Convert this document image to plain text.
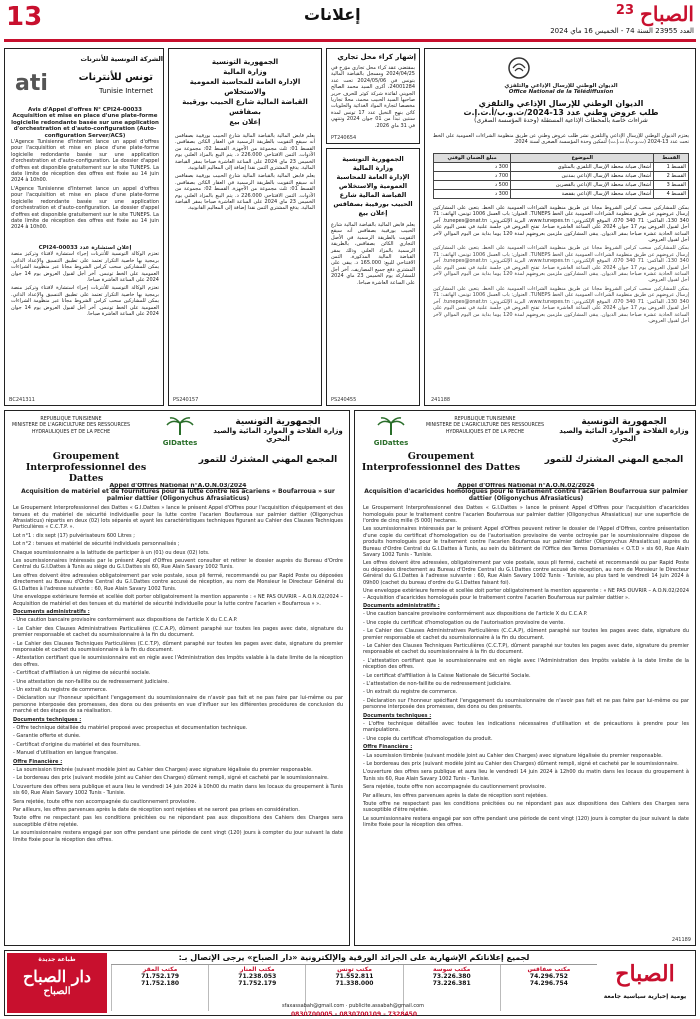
13	إعلانات	23 الصباح
العدد 23955 السنة 74 - الخميس 16 ماي 2024
الديوان الوطني للإرسال الإذاعي والتلفزي
Office National de la Télédiffusion
الديوان الوطني للإرسال الإذاعي والتلفزي
طلب عروض وطني عدد 13-2024/ت.و.ب/أ.ت.إ.ت
شراءات خاصة بالمحطات الإذاعية المستقلة (وحدة المؤسسة الصغرى)

يعتزم الديوان الوطني للإرسال الإذاعي والتلفزي نشر طلب عروض وطني عن طريق منظومة الشراءات العمومية على الخط تحت عدد 13-2024 (ت.و.ب/أ.ت.إ.ت) لتمكين وحدة المؤسسة الصغرى لسنة 2024.

القسط	الموضوع	مبلغ الضمان الوقتي
القسط 1	أشغال صيانة محطة الإرسال التلفزي بالمتلوي	300 د
القسط 2	أشغال صيانة محطة الإرسال الإذاعي بمدنين	700 د
القسط 3	أشغال صيانة محطة الإرسال الإذاعي بالقصرين	500 د
القسط 4	أشغال صيانة محطة الإرسال الإذاعي بقفصة	300 د

يمكن للمشاركين سحب كراس الشروط مجانا عن طريق منظومة الشراءات العمومية على الخط. يتعين على المشاركين إرسال عروضهم عن طريق منظومة الشراءات العمومية على الخط TUNEPS. العنوان: باب العسل 1006 تونس، الهاتف: 71 340 130، الفاكس: 71 340 070، الموقع الإلكتروني: www.tunepes.tn، البريد الإلكتروني: tunepes@onat.tn. آخر أجل لقبول العروض يوم 17 جوان 2024 على الساعة العاشرة صباحا. تفتح العروض في جلسة علنية في نفس اليوم على الساعة الحادية عشرة صباحا بمقر الديوان. يبقى المشاركون ملزمين بعروضهم لمدة 120 يوما بداية من اليوم الموالي لآخر أجل لقبول العروض.

يمكن للمشاركين سحب كراس الشروط مجانا عن طريق منظومة الشراءات العمومية على الخط. يتعين على المشاركين إرسال عروضهم عن طريق منظومة الشراءات العمومية على الخط TUNEPS. العنوان: باب العسل 1006 تونس، الهاتف: 71 340 130، الفاكس: 71 340 070، الموقع الإلكتروني: www.tunepes.tn، البريد الإلكتروني: tunepes@onat.tn. آخر أجل لقبول العروض يوم 17 جوان 2024 على الساعة العاشرة صباحا. تفتح العروض في جلسة علنية في نفس اليوم على الساعة الحادية عشرة صباحا بمقر الديوان. يبقى المشاركون ملزمين بعروضهم لمدة 120 يوما بداية من اليوم الموالي لآخر أجل لقبول العروض.

يمكن للمشاركين سحب كراس الشروط مجانا عن طريق منظومة الشراءات العمومية على الخط. يتعين على المشاركين إرسال عروضهم عن طريق منظومة الشراءات العمومية على الخط TUNEPS. العنوان: باب العسل 1006 تونس، الهاتف: 71 340 130، الفاكس: 71 340 070، الموقع الإلكتروني: www.tunepes.tn، البريد الإلكتروني: tunepes@onat.tn. آخر أجل لقبول العروض يوم 17 جوان 2024 على الساعة العاشرة صباحا. تفتح العروض في جلسة علنية في نفس اليوم على الساعة الحادية عشرة صباحا بمقر الديوان. يبقى المشاركون ملزمين بعروضهم لمدة 120 يوما بداية من اليوم الموالي لآخر أجل لقبول العروض.

241188
إشهار كراء محل تجاري

بمقتضى عقد كراء محل تجاري مؤرخ في 2024/04/25 ومسجل بالقباضة المالية بتونس في 2024/05/06 تحت عدد 24001284، أكرى السيد محمد الصالح الجويني لفائدة شركة كوثر للحرف حرير صاحبها السيد الحبيب محمد، محلا تجاريا مخصصا لتجارة المواد الغذائية والحلويات كائن بنهج النخيل عدد 17 تونس لمدة سنتين تبدأ من 01 جوان 2024 وتنتهي في 31 ماي 2026.

PT240654
الجمهورية التونسية
وزارة المالية
الإدارة العامة للمحاسبة العمومية والاستخلاص
القباضة المالية شارع الحبيب بورقيبة بصفاقس
إعلان بيع

يعلم قابض المالية بالقباضة المالية شارع الحبيب بورقيبة بصفاقس أنه سيقع التفويت بالطريقة الرسمية في الأصل التجاري الكائن بصفاقس، بالطريقة الرسمية بالمزاد العلني وذلك بمقر القباضة المالية المذكورة. الثمن الافتتاحي للبيع: 165.000 د. يبقى على المشتري دفع جميع المصاريف. آخر أجل للمشاركة يوم الخميس 23 ماي 2024 على الساعة العاشرة صباحا.

PS240455
الجمهورية التونسية
وزارة المالية
الإدارة العامة للمحاسبة العمومية والاستخلاص
القباضة المالية شارع الحبيب بورقيبة بصفاقس
إعلان بيع

يعلم قابض المالية بالقباضة المالية شارع الحبيب بورقيبة بصفاقس أنه سيقع التفويت بالطريقة الرسمية في العقار الكائن بصفاقس. القسط 01: ثلث مجموعة من الأجهزة. القسط 02: مجموعة من الأدوات. الثمن الافتتاحي 226.000 د. يتم البيع بالمزاد العلني يوم الخميس 23 ماي 2024 على الساعة العاشرة صباحا بمقر القباضة المالية. يدفع المشتري الثمن نقدا إضافة إلى المعاليم القانونية.

يعلم قابض المالية بالقباضة المالية شارع الحبيب بورقيبة بصفاقس أنه سيقع التفويت بالطريقة الرسمية في العقار الكائن بصفاقس. القسط 01: ثلث مجموعة من الأجهزة. القسط 02: مجموعة من الأدوات. الثمن الافتتاحي 226.000 د. يتم البيع بالمزاد العلني يوم الخميس 23 ماي 2024 على الساعة العاشرة صباحا بمقر القباضة المالية. يدفع المشتري الثمن نقدا إضافة إلى المعاليم القانونية.

PS240157
الشركة التونسية للأنترنات
ati	تونس للأنترنات
Tunisie Internet
Avis d'Appel d'offres N° CPI24-00033
Acquisition et mise en place d'une plate-forme logicielle redondante basée sur une application d'orchestration et d'auto-configuration (Auto-configuration Server/ACS)

L'Agence Tunisienne d'Internet lance un appel d'offres pour l'acquisition et mise en place d'une plate-forme logicielle redondante basée sur une application d'orchestration et d'auto-configuration. Le dossier d'appel d'offres est disponible gratuitement sur le site TUNEPS. La date limite de réception des offres est fixée au 14 juin 2024 à 10h00.

L'Agence Tunisienne d'Internet lance un appel d'offres pour l'acquisition et mise en place d'une plate-forme logicielle redondante basée sur une application d'orchestration et d'auto-configuration. Le dossier d'appel d'offres est disponible gratuitement sur le site TUNEPS. La date limite de réception des offres est fixée au 14 juin 2024 à 10h00.

إعلان استشارة عدد CPI24-00033

تعتزم الوكالة التونسية للأنترنات إجراء استشارة لاقتناء وتركيز منصة برمجية بها خاصية التكرار تعتمد على تطبيق التنسيق والإعداد الذاتي. يمكن للمشاركين سحب كراس الشروط مجانا عبر منظومة الشراءات العمومية على الخط تونبس. آخر أجل لقبول العروض يوم 14 جوان 2024 على الساعة العاشرة صباحا.

تعتزم الوكالة التونسية للأنترنات إجراء استشارة لاقتناء وتركيز منصة برمجية بها خاصية التكرار تعتمد على تطبيق التنسيق والإعداد الذاتي. يمكن للمشاركين سحب كراس الشروط مجانا عبر منظومة الشراءات العمومية على الخط تونبس. آخر أجل لقبول العروض يوم 14 جوان 2024 على الساعة العاشرة صباحا.

BC241311
REPUBLIQUE TUNISIENNE
MINISTERE DE L'AGRICULTURE DES RESSOURCES HYDRAULIQUES ET DE LA PECHE
GIDattes
الجمهورية التونسية
وزارة الفلاحة و الموارد المائية والصيد البحري
Groupement Interprofessionnel des Dattes
المجمع المهني المشترك للتمور
Appel d'Offres National n°A.O.N.03/2024
Acquisition de matériel et de fournitures pour la lutte contre les acariens « Boufarroua » sur palmier dattier (Oligonychus Afrasiaticus)

Le Groupement Interprofessionnel des Dattes « G.I.Dattes » lance le présent Appel d'Offres pour l'acquisition d'équipement et des tenues et du matériel de sécurité individuelle pour la lutte contre l'acarien Boufarroua sur palmier dattier (Oligonychus Afrasiaticus) répartis en deux (02) lots séparés et ayant les caractéristiques techniques figurant au Cahier des Clauses Techniques Particulières « C.C.T.P. ».

Lot n°1 : dix sept (17) pulvérisateurs 600 Litres ;

Lot n°2 : tenues et matériel de sécurité individuels personnalisés ;

Chaque soumissionnaire a la latitude de participer à un (01) ou deux (02) lots.

Les soumissionnaires intéressés par le présent Appel d'Offres peuvent consulter et retirer le dossier auprès du Bureau d'Ordre Central du G.I.Dattes à Tunis au siège du G.I.Dattes sis 60, Rue Alain Savary 1002 Tunis.

Les offres doivent être adressées obligatoirement par voie postale, sous pli fermé, recommandé ou par Rapid Poste ou déposées directement au Bureau d'Ordre Central du G.I.Dattes contre accusé de réception, au nom de Monsieur le Directeur Général du G.I.Dattes à l'adresse suivante : 60, Rue Alain Savary 1002 Tunis.

Une enveloppe extérieure fermée et scellée doit porter obligatoirement la mention apparente : « NE PAS OUVRIR – A.O.N.02/2024 – Acquisition de matériel et des tenues et du matériel de sécurité individuelle pour la lutte contre l'acarien « Boufarroua » ».

Documents administratifs :

- Une caution bancaire provisoire conformément aux dispositions de l'article X du C.C.A.P.

- Le Cahier des Clauses Administratives Particulières (C.C.A.P), dûment paraphé sur toutes les pages avec date, signature du premier responsable et cachet du soumissionnaire à la fin du document.

- Le Cahier des Clauses Techniques Particulières (C.C.T.P), dûment paraphé sur toutes les pages avec date, signature du premier responsable et cachet du soumissionnaire à la fin du document.

- Attestation certifiant que le soumissionnaire est en règle avec l'Administration des Impôts valable à la date limite de la réception des offres.

- Certificat d'affiliation à un régime de sécurité sociale.

- Une attestation de non-faillite ou de redressement judiciaire.

- Un extrait du registre de commerce.

- Déclaration sur l'honneur spécifiant l'engagement du soumissionnaire de n'avoir pas fait et ne pas faire par lui-même ou par personne interposée des promesses, des dons ou des présents en vue d'influer sur les différentes procédures de conclusion du marché et des étapes de sa réalisation.

Documents techniques :

- Offre technique détaillée du matériel proposé avec prospectus et documentation technique.

- Garantie offerte et durée.

- Certificat d'origine du matériel et des fournitures.

- Manuel d'utilisation en langue française.

Offre Financière :

- La soumission timbrée (suivant modèle joint au Cahier des Charges) avec signature légalisée du premier responsable.

- Le bordereau des prix (suivant modèle joint au Cahier des Charges) dûment rempli, signé et cacheté par le soumissionnaire.

L'ouverture des offres sera publique et aura lieu le vendredi 14 juin 2024 à 10h00 du matin dans les locaux du groupement à Tunis sis 60, Rue Alain Savary 1002 Tunis - Tunisie.

Sera rejetée, toute offre non accompagnée du cautionnement provisoire.

Par ailleurs, les offres parvenues après la date de réception sont rejetées et ne seront pas prises en considération.

Toute offre ne respectant pas les conditions précitées ou ne répondant pas aux dispositions des Cahiers des Charges sera susceptible d'être rejetée.

Le soumissionnaire restera engagé par son offre pendant une période de cent vingt (120) jours à compter du jour suivant la date limite fixée pour la réception des offres.

GIDattes
REPUBLIQUE TUNISIENNE
MINISTERE DE L'AGRICULTURE DES RESSOURCES HYDRAULIQUES ET DE LA PECHE
الجمهورية التونسية
وزارة الفلاحة و الموارد المائية والصيد البحري
Groupement Interprofessionnel des Dattes
المجمع المهني المشترك للتمور
Appel d'Offres National n°A.O.N.02/2024
Acquisition d'acaricides homologués pour le traitement contre l'acarien Boufarroua sur palmier dattier (Oligonychus Afrasiaticus)

Le Groupement Interprofessionnel des Dattes « G.I.Dattes » lance le présent Appel d'Offres pour l'acquisition d'acaricides homologués pour le traitement contre l'acarien Boufarroua sur palmier dattier (Oligonychus Afrasiaticus) sur une superficie de l'ordre de cinq mille (5 000) hectares.

Les soumissionnaires intéressés par le présent Appel d'Offres peuvent retirer le dossier de l'Appel d'Offres, contre présentation d'une copie du certificat d'homologation ou de l'autorisation provisoire de vente octroyée par le soumissionnaire dispose de produits homologués pour le traitement contre l'acarien Boufarroua sur palmier dattier (Oligonychus Afrasiaticus) auprès du Bureau d'Ordre Central du G.I.Dattes à Tunis, au sein du bâtiment de l'Office des Terres Domaniales « O.T.D » sis 60, Rue Alain Savary 1002 Tunis - Tunisie.

Les offres doivent être adressées, obligatoirement par voie postale, sous pli fermé, cacheté et recommandé ou par Rapid Poste ou déposées directement au Bureau d'Ordre Central du G.I.Dattes contre accusé de réception, au nom de Monsieur le Directeur Général du G.I.Dattes à l'adresse suivante : 60, Rue Alain Savary 1002 Tunis - Tunisie, au plus tard le vendredi 14 juin 2024 à 09h00 (cachet du bureau d'ordre du G.I.Dattes faisant foi).

Une enveloppe extérieure fermée et scellée doit porter obligatoirement la mention apparente : « NE PAS OUVRIR – A.O.N.02/2024 – Acquisition d'acaricides homologués pour le traitement contre l'acarien Boufarroua sur palmier dattier ».

Documents administratifs :

- Une caution bancaire provisoire conformément aux dispositions de l'article X du C.C.A.P.

- Une copie du certificat d'homologation ou de l'autorisation provisoire de vente.

- Le Cahier des Clauses Administratives Particulières (C.C.A.P), dûment paraphé sur toutes les pages avec date, signature du premier responsable et cachet du soumissionnaire à la fin du document.

- Le Cahier des Clauses Techniques Particulières (C.C.T.P), dûment paraphé sur toutes les pages avec date, signature du premier responsable et cachet du soumissionnaire à la fin du document.

- L'attestation certifiant que le soumissionnaire est en règle avec l'Administration des Impôts valable à la date limite de la réception des offres.

- Le certificat d'affiliation à la Caisse Nationale de Sécurité Sociale.

- L'attestation de non-faillite ou de redressement judiciaire.

- Un extrait du registre de commerce.

- Déclaration sur l'honneur spécifiant l'engagement du soumissionnaire de n'avoir pas fait et ne pas faire par lui-même ou par personne interposée des promesses, des dons ou des présents.

Documents techniques :

- L'offre technique détaillée avec toutes les indications nécessaires d'utilisation et de précautions à prendre pour les manipulations.

- Une copie du certificat d'homologation du produit.

Offre Financière :

- La soumission timbrée (suivant modèle joint au Cahier des Charges) avec signature légalisée du premier responsable.

- Le bordereau des prix (suivant modèle joint au Cahier des Charges) dûment rempli, signé et cacheté par le soumissionnaire.

L'ouverture des offres sera publique et aura lieu le vendredi 14 juin 2024 à 12h00 du matin dans les locaux du groupement à Tunis sis 60, Rue Alain Savary 1002 Tunis - Tunisie.

Sera rejetée, toute offre non accompagnée du cautionnement provisoire.

Par ailleurs, les offres parvenues après la date de réception sont rejetées.

Toute offre ne respectant pas les conditions précitées ou ne répondant pas aux dispositions des Cahiers des Charges sera susceptible d'être rejetée.

Le soumissionnaire restera engagé par son offre pendant une période de cent vingt (120) jours à compter du jour suivant la date limite fixée pour la réception des offres.

241189
طباعة جديدة
دار الصباح
الصباح
لجميع إعلاناتكم الإشهارية على الجرائد الورقية والإلكترونية «دار الصباح» يرجى الإتصال بـ:
مكتب صفاقس
74.296.752
74.296.754
مكتب سوسة
73.226.380
73.226.381
مكتب تونس
71.552.811
71.338.000
مكتب المنار
71.238.053
71.752.179
مكتب المقر
71.752.179
71.752.180
0830700005 - 0830700109 - 7328450
الصباح
يومية إخبارية سياسية جامعة
sfaxassabah@gmail.com · publicite.assabah@gmail.com
